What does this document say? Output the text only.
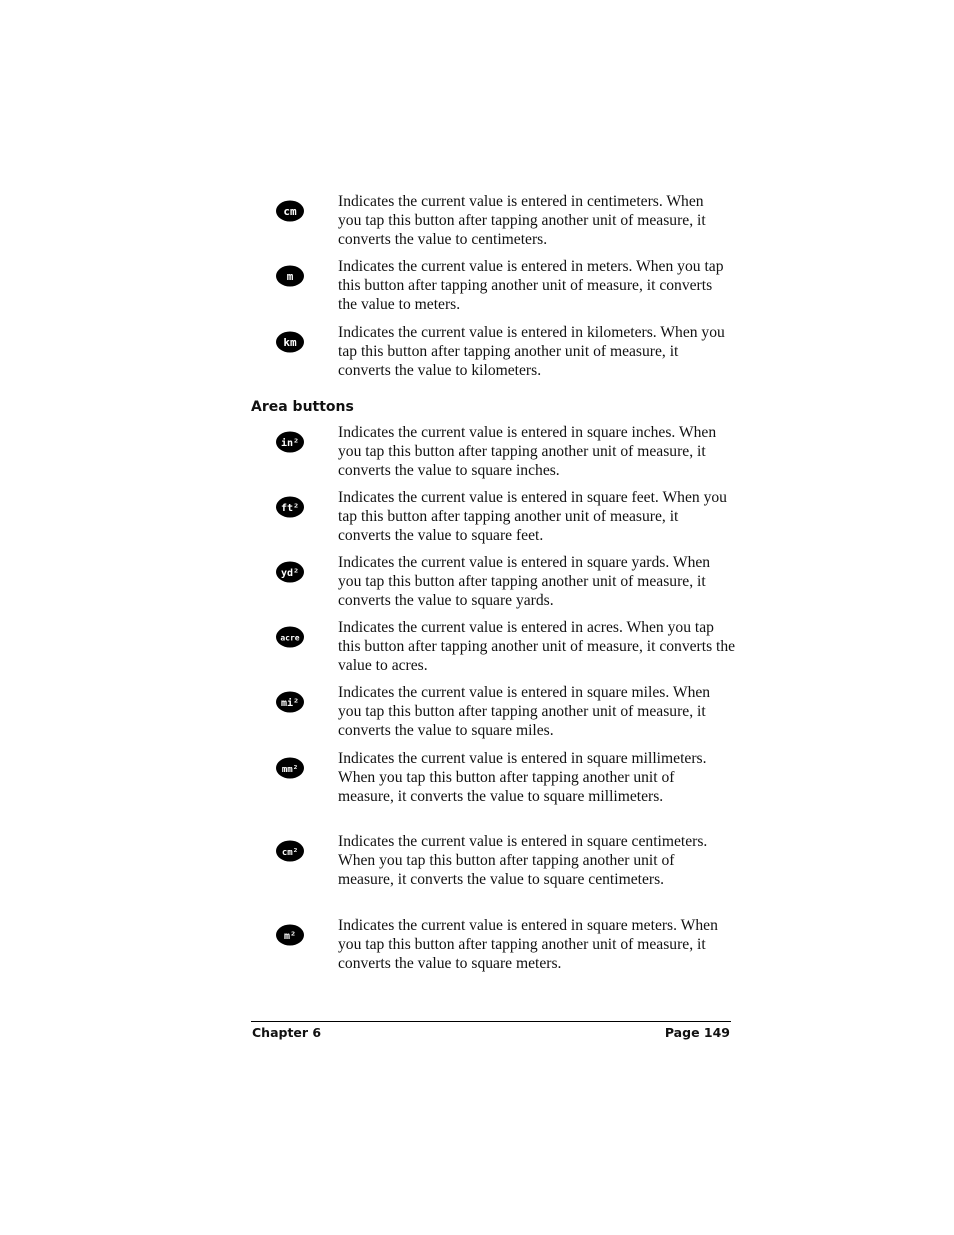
cm
Indicates the current value is entered in centimeters. When you tap this button after tapping another unit of measure, it converts the value to centimeters.
m
Indicates the current value is entered in meters. When you tap this button after tapping another unit of measure, it converts the value to meters.
km
Indicates the current value is entered in kilometers. When you tap this button after tapping another unit of measure, it converts the value to kilometers.
Area buttons
in²
Indicates the current value is entered in square inches. When you tap this button after tapping another unit of measure, it converts the value to square inches.
ft²
Indicates the current value is entered in square feet. When you tap this button after tapping another unit of measure, it converts the value to square feet.
yd²
Indicates the current value is entered in square yards. When you tap this button after tapping another unit of measure, it converts the value to square yards.
acre
Indicates the current value is entered in acres. When you tap this button after tapping another unit of measure, it converts the value to acres.
mi²
Indicates the current value is entered in square miles. When you tap this button after tapping another unit of measure, it converts the value to square miles.
mm²
Indicates the current value is entered in square millimeters. When you tap this button after tapping another unit of measure, it converts the value to square millimeters.
cm²
Indicates the current value is entered in square centimeters. When you tap this button after tapping another unit of measure, it converts the value to square centimeters.
m²
Indicates the current value is entered in square meters. When you tap this button after tapping another unit of measure, it converts the value to square meters.
Chapter 6	Page 149
